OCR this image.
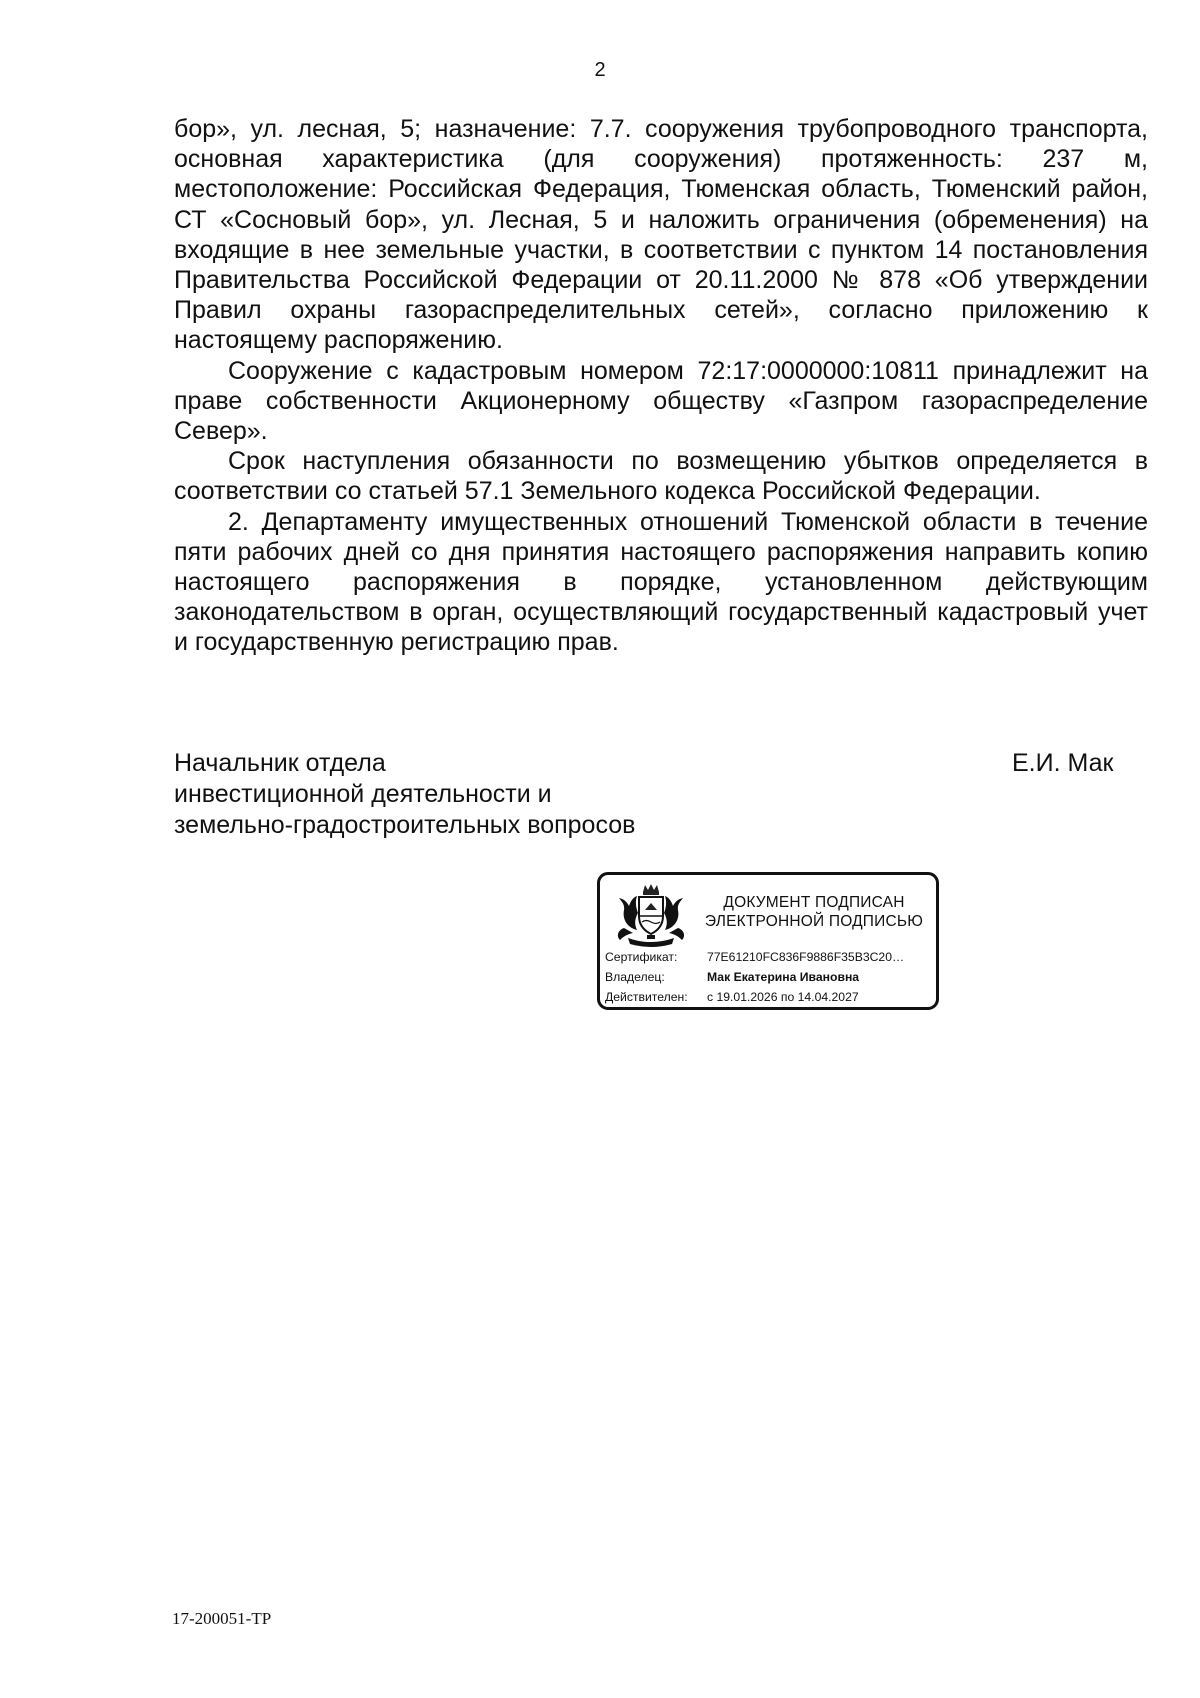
2

бор», ул. лесная, 5; назначение: 7.7. сооружения трубопроводного транспорта, основная характеристика (для сооружения) протяженность: 237 м, местоположение: Российская Федерация, Тюменская область, Тюменский район, СТ «Сосновый бор», ул. Лесная, 5 и наложить ограничения (обременения) на входящие в нее земельные участки, в соответствии с пунктом 14 постановления Правительства Российской Федерации от 20.11.2000 № 878 «Об утверждении Правил охраны газораспределительных сетей», согласно приложению к настоящему распоряжению.

Сооружение с кадастровым номером 72:17:0000000:10811 принадлежит на праве собственности Акционерному обществу «Газпром газораспределение Север».

Срок наступления обязанности по возмещению убытков определяется в соответствии со статьей 57.1 Земельного кодекса Российской Федерации.

2. Департаменту имущественных отношений Тюменской области в течение пяти рабочих дней со дня принятия настоящего распоряжения направить копию настоящего распоряжения в порядке, установленном действующим законодательством в орган, осуществляющий государственный кадастровый учет и государственную регистрацию прав.

Начальник отдела
инвестиционной деятельности и
земельно-градостроительных вопросов
Е.И. Мак
ДОКУМЕНТ ПОДПИСАН
ЭЛЕКТРОННОЙ ПОДПИСЬЮ
Сертификат:	77E61210FC836F9886F35B3C20…
Владелец:	Мак Екатерина Ивановна
Действителен:	с 19.01.2026 по 14.04.2027
17-200051-ТР
